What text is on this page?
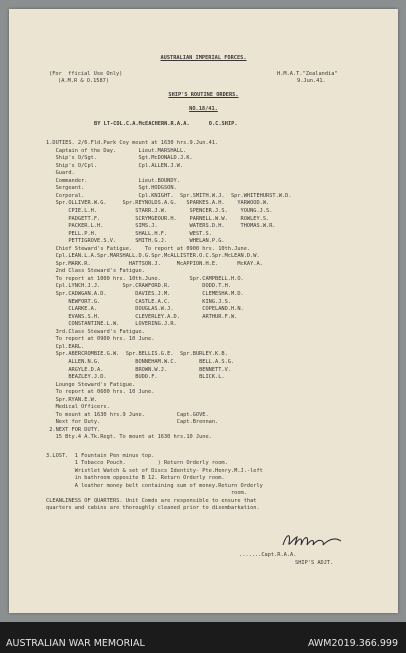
AUSTRALIAN IMPERIAL FORCES.
(For  fficial Use Only)
(A.M.R & O.1587)
H.M.A.T."Zealandia"
9.Jun.41.
SHIP'S ROUTINE ORDERS.
NO.18/41.
BY LT-COL.C.A.McEACHERN.R.A.A.      O.C.SHIP.
1.DUTIES. 2/6.Fld.Park Coy mount at 1630 hrs.9.Jun.41.
Captain of the Day.       Lieut.MARSHALL.
Ship's O/Sgt.             Sgt.McDONALD.J.K.
Ship's O/Cpl.             Cpl.ALLEN.J.W.
Guard.
Commander.                Lieut.BOUNDY.
Sergeant.                 Sgt.HODGSON.
Corporal.                 Cpl.KNIGHT.  Spr.SMITH.W.J.  Spr.WHITEHURST.W.D.
Spr.OLLIVER.W.G.     Spr.REYNOLDS.A.G.   SPARKES.A.H.    YARWOOD.W.
CPIE.L.H.            STARR.J.W.       SPENCER.J.S.    YOUNG.J.S.
PADGETT.F.           SCRYMGEOUR.H.    PARNELL.W.W.    ROWLEY.S.
PACKER.L.H.          SIMS.J.          WATERS.D.H.     THOMAS.W.R.
PELL.P.H.            SHALL.H.F.       WEST.S.
PETTIGROVE.S.V.      SMITH.G.J.       WHELAN.P.G.
Chief Steward's Fatigue.    To report at 0900 hrs. 10th.June.
Cpl.LEAN.L.A.Spr.MARSHALL.D.G.Spr.McALLISTER.O.C.Spr.McLEAN.D.W.
Spr.MARK.R.            HATTSON.J.     McAPPION.H.E.      McKAY.A.
2nd Class Steward's Fatigue.
To report at 1000 hrs. 10th.June.         Spr.CAMPBELL.H.O.
Cpl.LYNCH.J.J.       Spr.CRAWFORD.R.          DODD.T.H.
Spr.CADWGAN.A.D.         DAVIES.J.M.          CLEMESHA.M.D.
NEWFORT.G.           CASTLE.A.C.          KING.J.S.
CLARKE.A.            DOUGLAS.W.J.         COPELAND.H.N.
EVANS.S.H.           CLEVERLEY.A.D.       ARTHUR.F.W.
CONSTANTINE.L.W.     LOVERING.J.R.
3rd.Class Steward's Fatigue.
To report at 0900 hrs. 10 June.
Cpl.EARL.
Spr.ABERCROMBIE.G.W.  Spr.BELLIS.G.E.  Spr.BURLEY.K.B.
ALLEN.N.G.           BONNEHAM.W.C.       BELL.A.S.G.
ARGYLE.D.A.          BROWN.W.J.          BENNETT.V.
BEAZLEY.J.D.         BUDD.F.             BLICK.L.
Lounge Steward's Fatigue.
To report at 0600 hrs. 10 June.
Spr.RYAN.E.W.
Medical Officers.
To mount at 1630 hrs.9 June.          Capt.GOVE.
Next for Duty.                        Capt.Brennan.
2.NEXT FOR DUTY.
15 Bty.4 A.Tk.Regt. To mount at 1630 hrs.10 June.
3.LOST.  1 Fountain Pen minus top.
1 Tobacco Pouch.          ) Return Orderly room.
Wristlet Watch & set of Discs Identity- Pte.Henry.M.J.-left
in bathroom opposite B 12. Return Orderly room.
A leather money belt containing sum of money.Return Orderly
room.
CLEANLINESS OF QUARTERS. Unit Comds are responsible to ensure that
quarters and cabins are thoroughly cleaned prior to disembarkation.
.......Capt.R.A.A.
SHIP'S ADJT.
AUSTRALIAN WAR MEMORIAL	AWM2019.366.999
